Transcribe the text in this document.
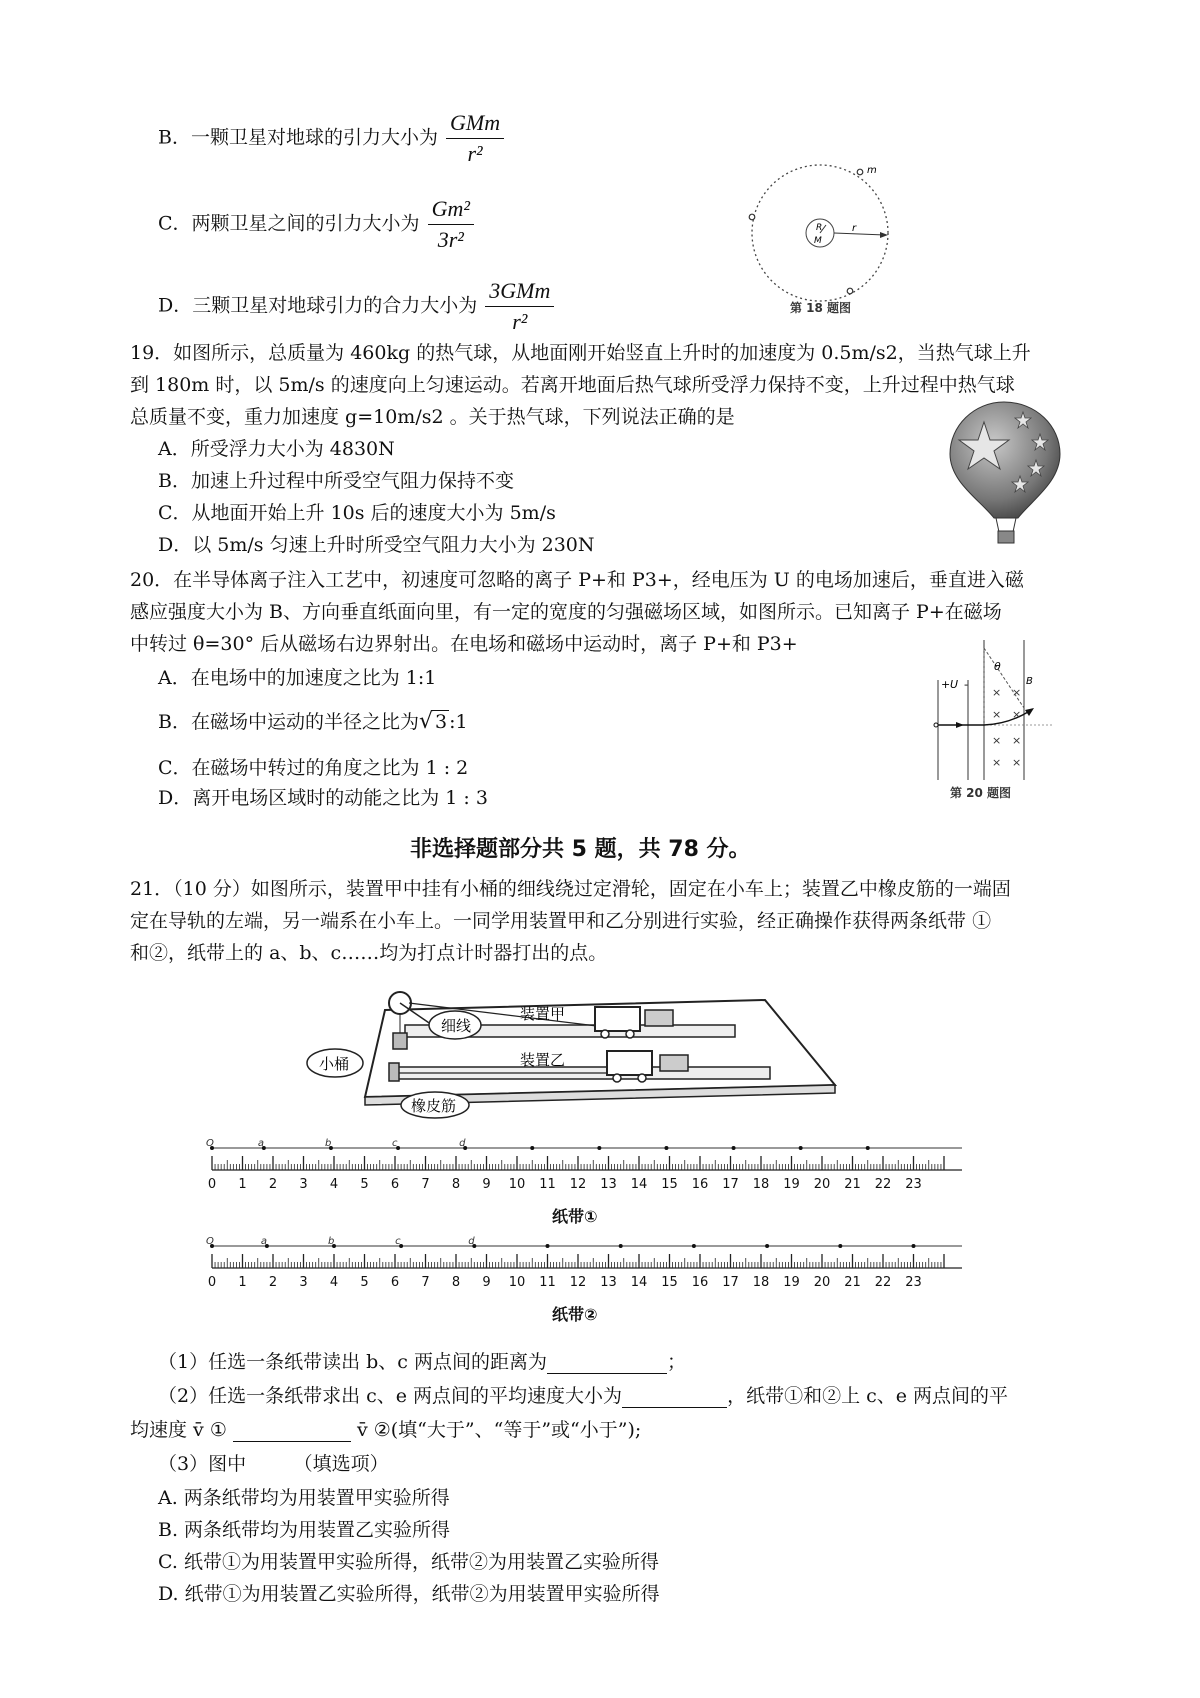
B．一颗卫星对地球的引力大小为 $\frac{\text{GMm}}{\text{r²}}$
C．两颗卫星之间的引力大小为 $\frac{\text{Gm²}}{\text{3r²}}$
D．三颗卫星对地球引力的合力大小为 $\frac{\text{3GMm}}{\text{r²}}$
m
R
M
r
第 18 题图
19．如图所示，总质量为 460kg 的热气球，从地面刚开始竖直上升时的加速度为 0.5m/s2，当热气球上升
到 180m 时，以 5m/s 的速度向上匀速运动。若离开地面后热气球所受浮力保持不变，上升过程中热气球
总质量不变，重力加速度 g=10m/s2 。关于热气球，下列说法正确的是
A．所受浮力大小为 4830N
B．加速上升过程中所受空气阻力保持不变
C．从地面开始上升 10s 后的速度大小为 5m/s
D．以 5m/s 匀速上升时所受空气阻力大小为 230N
20．在半导体离子注入工艺中，初速度可忽略的离子 P+和 P3+，经电压为 U 的电场加速后，垂直进入磁
感应强度大小为 B、方向垂直纸面向里，有一定的宽度的匀强磁场区域，如图所示。已知离子 P+在磁场
中转过 θ=30° 后从磁场右边界射出。在电场和磁场中运动时，离子 P+和 P3+
A．在电场中的加速度之比为 1:1
B．在磁场中运动的半径之比为√ 3 :1
C．在磁场中转过的角度之比为 1 : 2
D．离开电场区域时的动能之比为 1 : 3
× ×
× ×
× ×
× ×
θ
U
+ -	B
第 20 题图
非选择题部分共 5 题，共 78 分。
21．（10 分）如图所示，装置甲中挂有小桶的细线绕过定滑轮，固定在小车上；装置乙中橡皮筋的一端固
定在导轨的左端，另一端系在小车上。一同学用装置甲和乙分别进行实验，经正确操作获得两条纸带 ①
和②，纸带上的 a、b、c……均为打点计时器打出的点。
细线
小桶
橡皮筋
装置甲
装置乙
0 1 2 3 4 5 6 7 8 9 10 11 12 13 14 15 16 17 18 19 20 21 22 23
O	a	b	c	d
纸带①
0 1 2 3 4 5 6 7 8 9 10 11 12 13 14 15 16 17 18 19 20 21 22 23
O	a	b	c	d
纸带②
（1）任选一条纸带读出 b、c 两点间的距离为	；
（2）任选一条纸带求出 c、e 两点间的平均速度大小为	，纸带①和②上 c、e 两点间的平
均速度 v̄ ①	v̄ ②(填“大于”、“等于”或“小于”);
（3）图中　　　（填选项）
A. 两条纸带均为用装置甲实验所得
B. 两条纸带均为用装置乙实验所得
C. 纸带①为用装置甲实验所得，纸带②为用装置乙实验所得
D. 纸带①为用装置乙实验所得，纸带②为用装置甲实验所得
